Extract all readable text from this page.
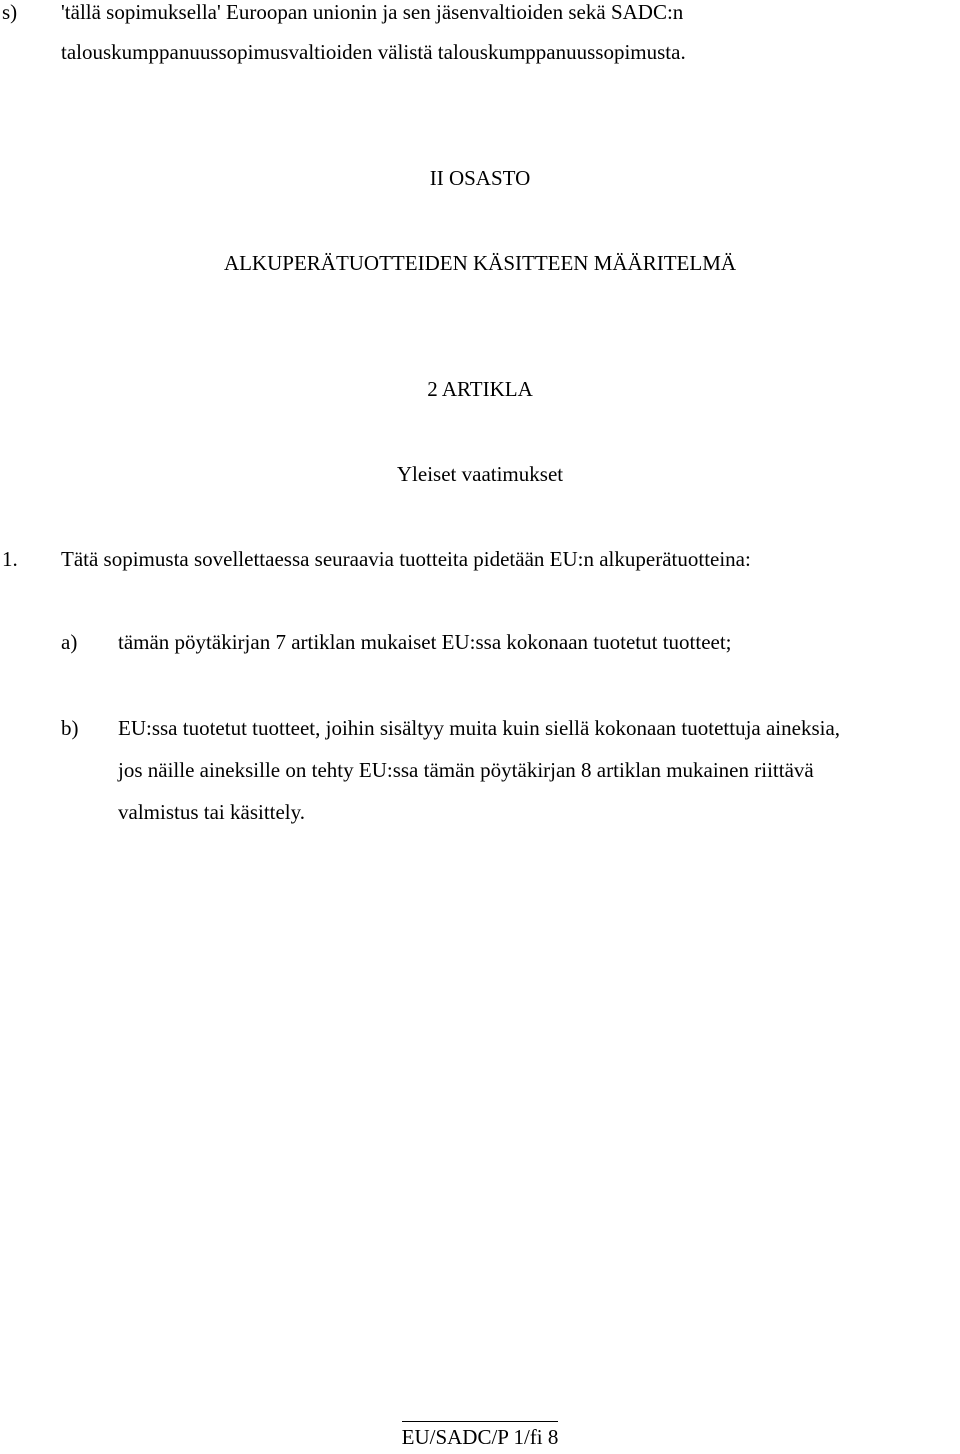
s) 'tällä sopimuksella' Euroopan unionin ja sen jäsenvaltioiden sekä SADC:n
talouskumppanuussopimusvaltioiden välistä talouskumppanuussopimusta.
II OSASTO
ALKUPERÄTUOTTEIDEN KÄSITTEEN MÄÄRITELMÄ
2 ARTIKLA
Yleiset vaatimukset
1. Tätä sopimusta sovellettaessa seuraavia tuotteita pidetään EU:n alkuperätuotteina:
a) tämän pöytäkirjan 7 artiklan mukaiset EU:ssa kokonaan tuotetut tuotteet;
b) EU:ssa tuotetut tuotteet, joihin sisältyy muita kuin siellä kokonaan tuotettuja aineksia,
jos näille aineksille on tehty EU:ssa tämän pöytäkirjan 8 artiklan mukainen riittävä
valmistus tai käsittely.
EU/SADC/P 1/fi 8
